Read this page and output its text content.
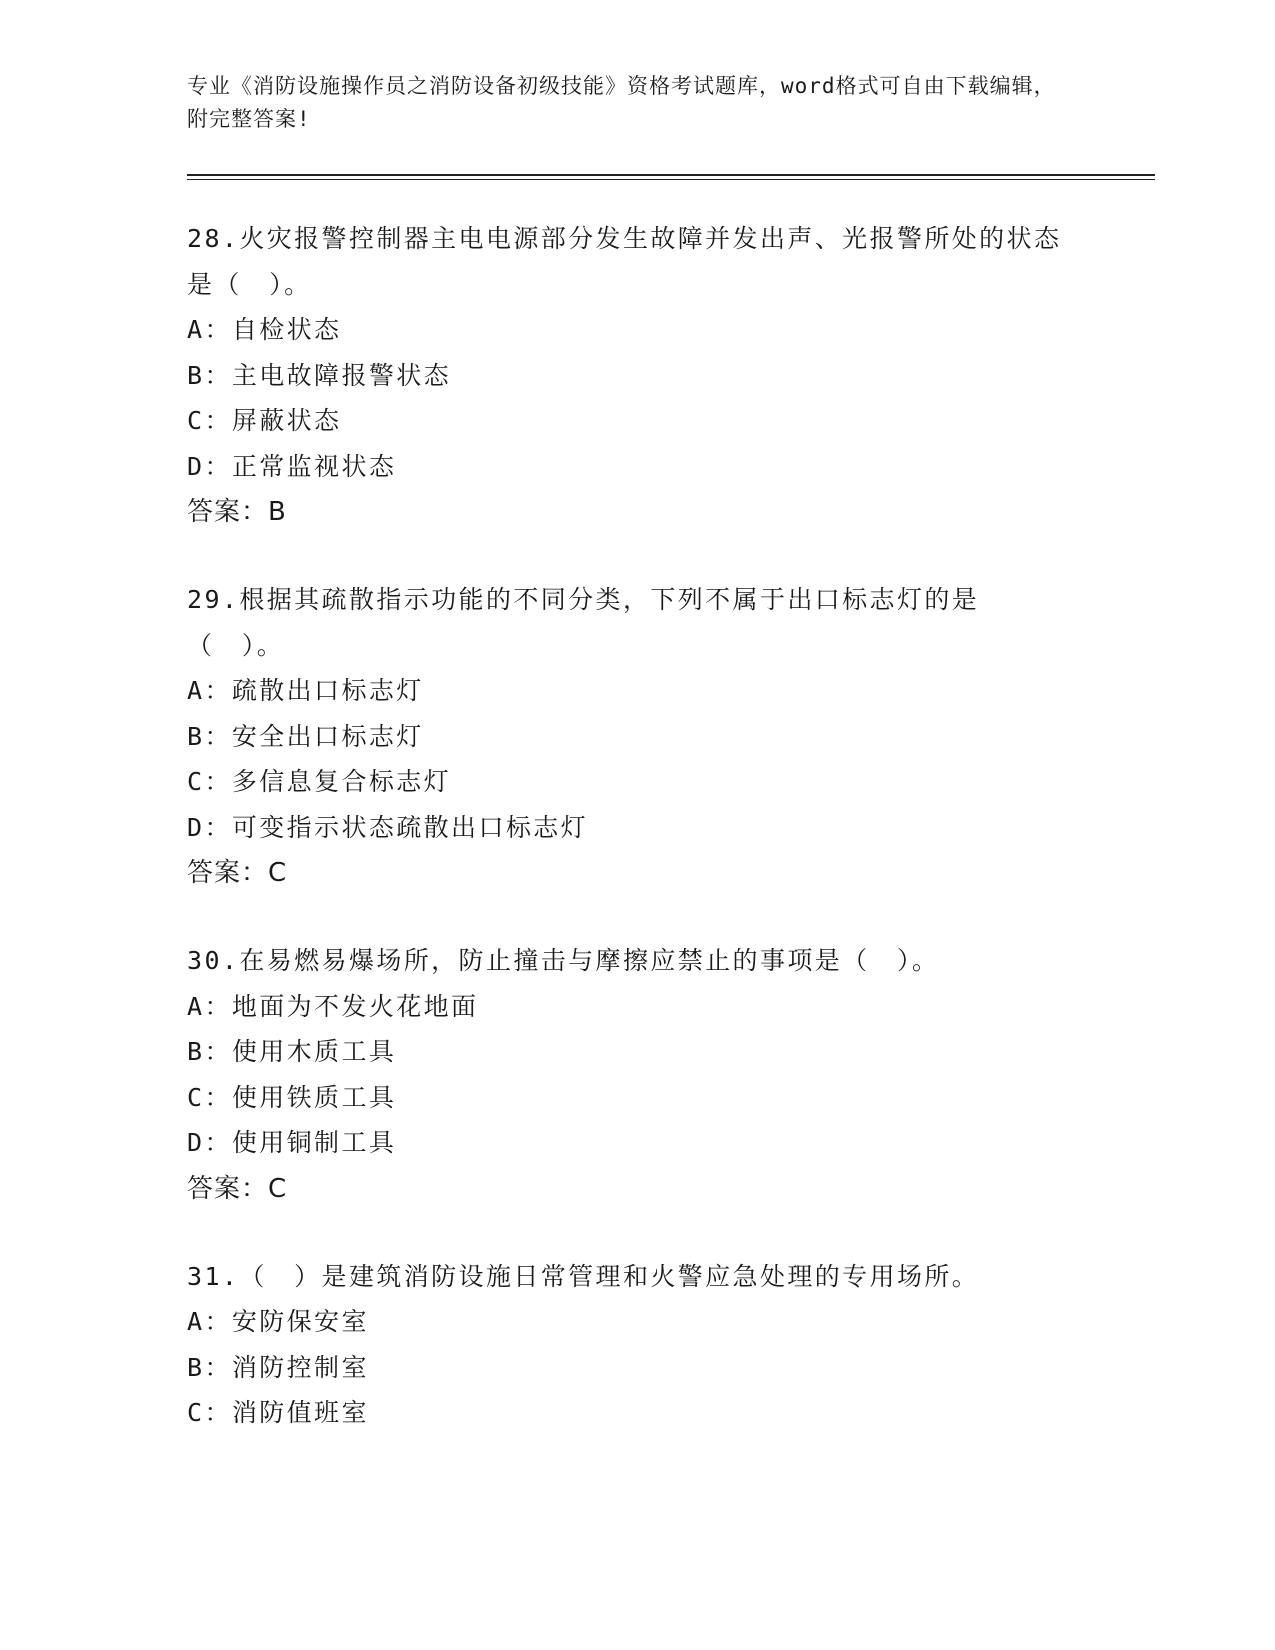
专业《消防设施操作员之消防设备初级技能》资格考试题库，word格式可自由下载编辑，附完整答案!
28.火灾报警控制器主电电源部分发生故障并发出声、光报警所处的状态是（　）。
A：自检状态
B：主电故障报警状态
C：屏蔽状态
D：正常监视状态
答案：B
29.根据其疏散指示功能的不同分类，下列不属于出口标志灯的是（　）。
A：疏散出口标志灯
B：安全出口标志灯
C：多信息复合标志灯
D：可变指示状态疏散出口标志灯
答案：C
30.在易燃易爆场所，防止撞击与摩擦应禁止的事项是（　）。
A：地面为不发火花地面
B：使用木质工具
C：使用铁质工具
D：使用铜制工具
答案：C
31.（　）是建筑消防设施日常管理和火警应急处理的专用场所。
A：安防保安室
B：消防控制室
C：消防值班室
